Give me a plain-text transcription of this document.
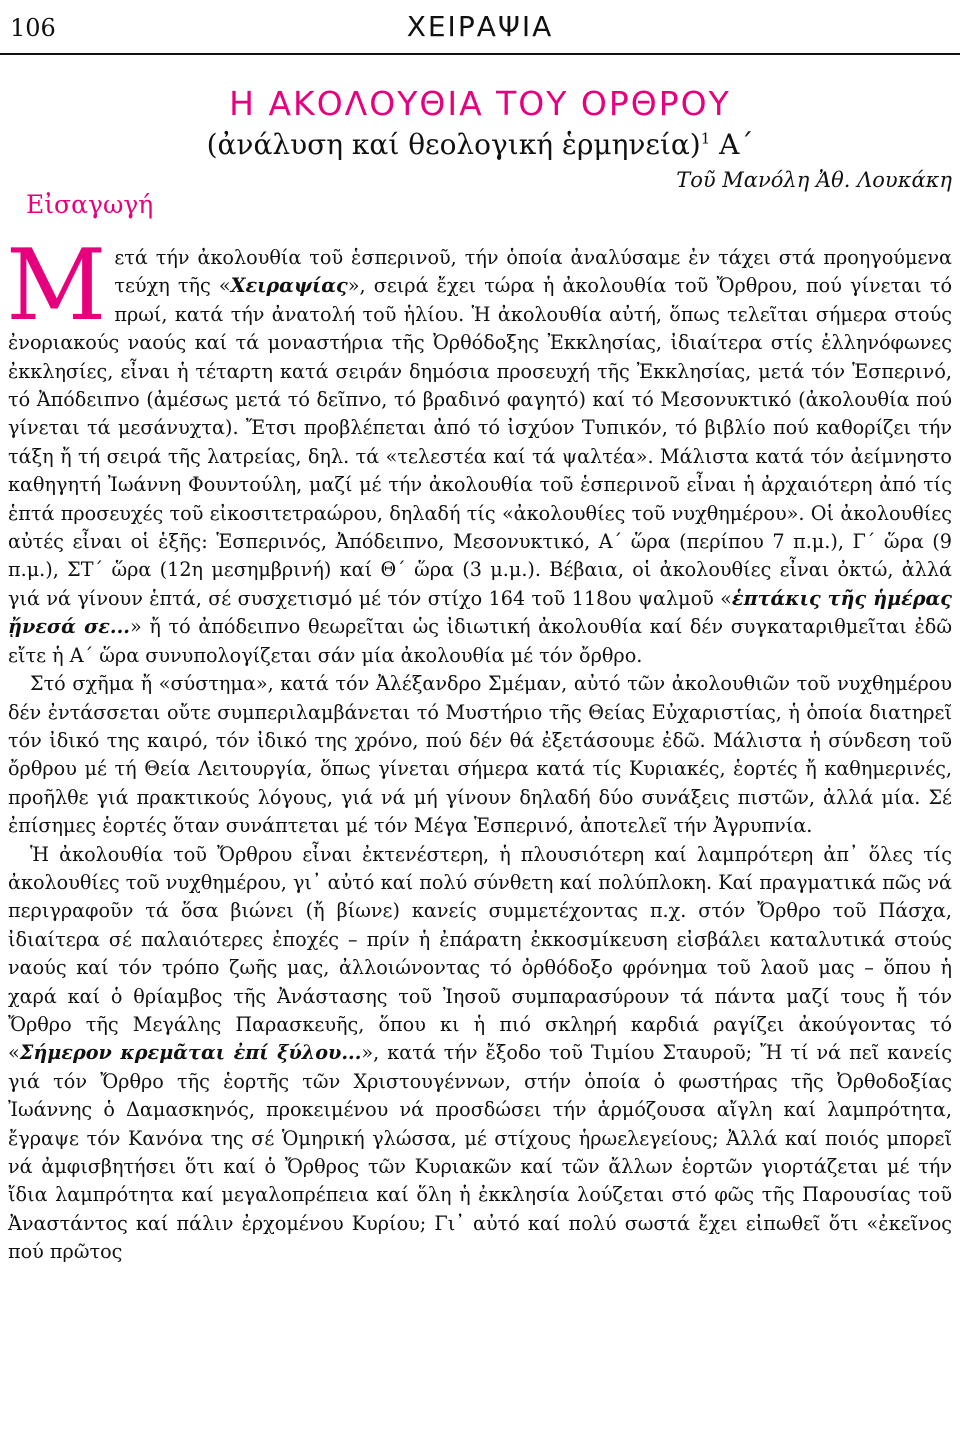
106	ΧΕΙΡΑΨΙΑ
Η ΑΚΟΛΟΥΘΙΑ ΤΟΥ ΟΡΘΡΟΥ
(ἀνάλυση καί θεολογική ἑρμηνεία)$^1$ Α΄
Τοῦ Μανόλη Ἀθ. Λουκάκη
Εἰσαγωγή

Μετά τήν ἀκολουθία τοῦ ἑσπερινοῦ, τήν ὁποία ἀναλύσαμε ἐν τάχει στά προηγούμενα τεύχη τῆς «Χειραψίας», σειρά ἔχει τώρα ἡ ἀκολουθία τοῦ Ὄρθρου, πού γίνεται τό πρωί, κατά τήν ἀνατολή τοῦ ἡλίου. Ἡ ἀκολουθία αὐτή, ὅπως τελεῖται σήμερα στούς ἐνοριακούς ναούς καί τά μοναστήρια τῆς Ὀρθόδοξης Ἐκκλησίας, ἰδιαίτερα στίς ἑλληνόφωνες ἐκκλησίες, εἶναι ἡ τέταρτη κατά σειράν δημόσια προσευχή τῆς Ἐκκλησίας, μετά τόν Ἑσπερινό, τό Ἀπόδειπνο (ἀμέσως μετά τό δεῖπνο, τό βραδινό φαγητό) καί τό Μεσονυκτικό (ἀκολουθία πού γίνεται τά μεσάνυχτα). Ἔτσι προβλέπεται ἀπό τό ἰσχύον Τυπικόν, τό βιβλίο πού καθορίζει τήν τάξη ἤ τή σειρά τῆς λατρείας, δηλ. τά «τελεστέα καί τά ψαλτέα». Μάλιστα κατά τόν ἀείμνηστο καθηγητή Ἰωάννη Φουντούλη, μαζί μέ τήν ἀκολουθία τοῦ ἑσπερινοῦ εἶναι ἡ ἀρχαιότερη ἀπό τίς ἑπτά προσευχές τοῦ εἰκοσιτετραώρου, δηλαδή τίς «ἀκολουθίες τοῦ νυχθημέρου». Οἱ ἀκολουθίες αὐτές εἶναι οἱ ἑξῆς: Ἑσπερινός, Ἀπόδειπνο, Μεσονυκτικό, Α΄ ὥρα (περίπου 7 π.μ.), Γ΄ ὥρα (9 π.μ.), ΣΤ΄ ὥρα (12η μεσημβρινή) καί Θ΄ ὥρα (3 μ.μ.). Βέβαια, οἱ ἀκολουθίες εἶναι ὀκτώ, ἀλλά γιά νά γίνουν ἑπτά, σέ συσχετισμό μέ τόν στίχο 164 τοῦ 118ου ψαλμοῦ «ἑπτάκις τῆς ἡμέρας ᾔνεσά σε...» ἤ τό ἀπόδειπνο θεωρεῖται ὡς ἰδιωτική ἀκολουθία καί δέν συγκαταριθμεῖται ἐδῶ εἴτε ἡ Α΄ ὥρα συνυπολογίζεται σάν μία ἀκολουθία μέ τόν ὄρθρο.

Στό σχῆμα ἤ «σύστημα», κατά τόν Ἀλέξανδρο Σμέμαν, αὐτό τῶν ἀκολουθιῶν τοῦ νυχθημέρου δέν ἐντάσσεται οὔτε συμπεριλαμβάνεται τό Μυστήριο τῆς Θείας Εὐχαριστίας, ἡ ὁποία διατηρεῖ τόν ἰδικό της καιρό, τόν ἰδικό της χρόνο, πού δέν θά ἐξετάσουμε ἐδῶ. Μάλιστα ἡ σύνδεση τοῦ ὄρθρου μέ τή Θεία Λειτουργία, ὅπως γίνεται σήμερα κατά τίς Κυριακές, ἑορτές ἤ καθημερινές, προῆλθε γιά πρακτικούς λόγους, γιά νά μή γίνουν δηλαδή δύο συνάξεις πιστῶν, ἀλλά μία. Σέ ἐπίσημες ἑορτές ὅταν συνάπτεται μέ τόν Μέγα Ἑσπερινό, ἀποτελεῖ τήν Ἀγρυπνία.

Ἡ ἀκολουθία τοῦ Ὄρθρου εἶναι ἐκτενέστερη, ἡ πλουσιότερη καί λαμπρότερη ἀπ᾽ ὅλες τίς ἀκολουθίες τοῦ νυχθημέρου, γι᾽ αὐτό καί πολύ σύνθετη καί πολύπλοκη. Καί πραγματικά πῶς νά περιγραφοῦν τά ὅσα βιώνει (ἤ βίωνε) κανείς συμμετέχοντας π.χ. στόν Ὄρθρο τοῦ Πάσχα, ἰδιαίτερα σέ παλαιότερες ἐποχές – πρίν ἡ ἐπάρατη ἐκκοσμίκευση εἰσβάλει καταλυτικά στούς ναούς καί τόν τρόπο ζωῆς μας, ἀλλοιώνοντας τό ὀρθόδοξο φρόνημα τοῦ λαοῦ μας – ὅπου ἡ χαρά καί ὁ θρίαμβος τῆς Ἀνάστασης τοῦ Ἰησοῦ συμπαρασύρουν τά πάντα μαζί τους ἤ τόν Ὄρθρο τῆς Μεγάλης Παρασκευῆς, ὅπου κι ἡ πιό σκληρή καρδιά ραγίζει ἀκούγοντας τό «Σήμερον κρεμᾶται ἐπί ξύλου...», κατά τήν ἔξοδο τοῦ Τιμίου Σταυροῦ; Ἤ τί νά πεῖ κανείς γιά τόν Ὄρθρο τῆς ἑορτῆς τῶν Χριστουγέννων, στήν ὁποία ὁ φωστήρας τῆς Ὀρθοδοξίας Ἰωάννης ὁ Δαμασκηνός, προκειμένου νά προσδώσει τήν ἁρμόζουσα αἴγλη καί λαμπρότητα, ἔγραψε τόν Κανόνα της σέ Ὁμηρική γλώσσα, μέ στίχους ἡρωελεγείους; Ἀλλά καί ποιός μπορεῖ νά ἀμφισβητήσει ὅτι καί ὁ Ὄρθρος τῶν Κυριακῶν καί τῶν ἄλλων ἑορτῶν γιορτάζεται μέ τήν ἴδια λαμπρότητα καί μεγαλοπρέπεια καί ὅλη ἡ ἐκκλησία λούζεται στό φῶς τῆς Παρουσίας τοῦ Ἀναστάντος καί πάλιν ἐρχομένου Κυρίου; Γι᾽ αὐτό καί πολύ σωστά ἔχει εἰπωθεῖ ὅτι «ἐκεῖνος πού πρῶτος
